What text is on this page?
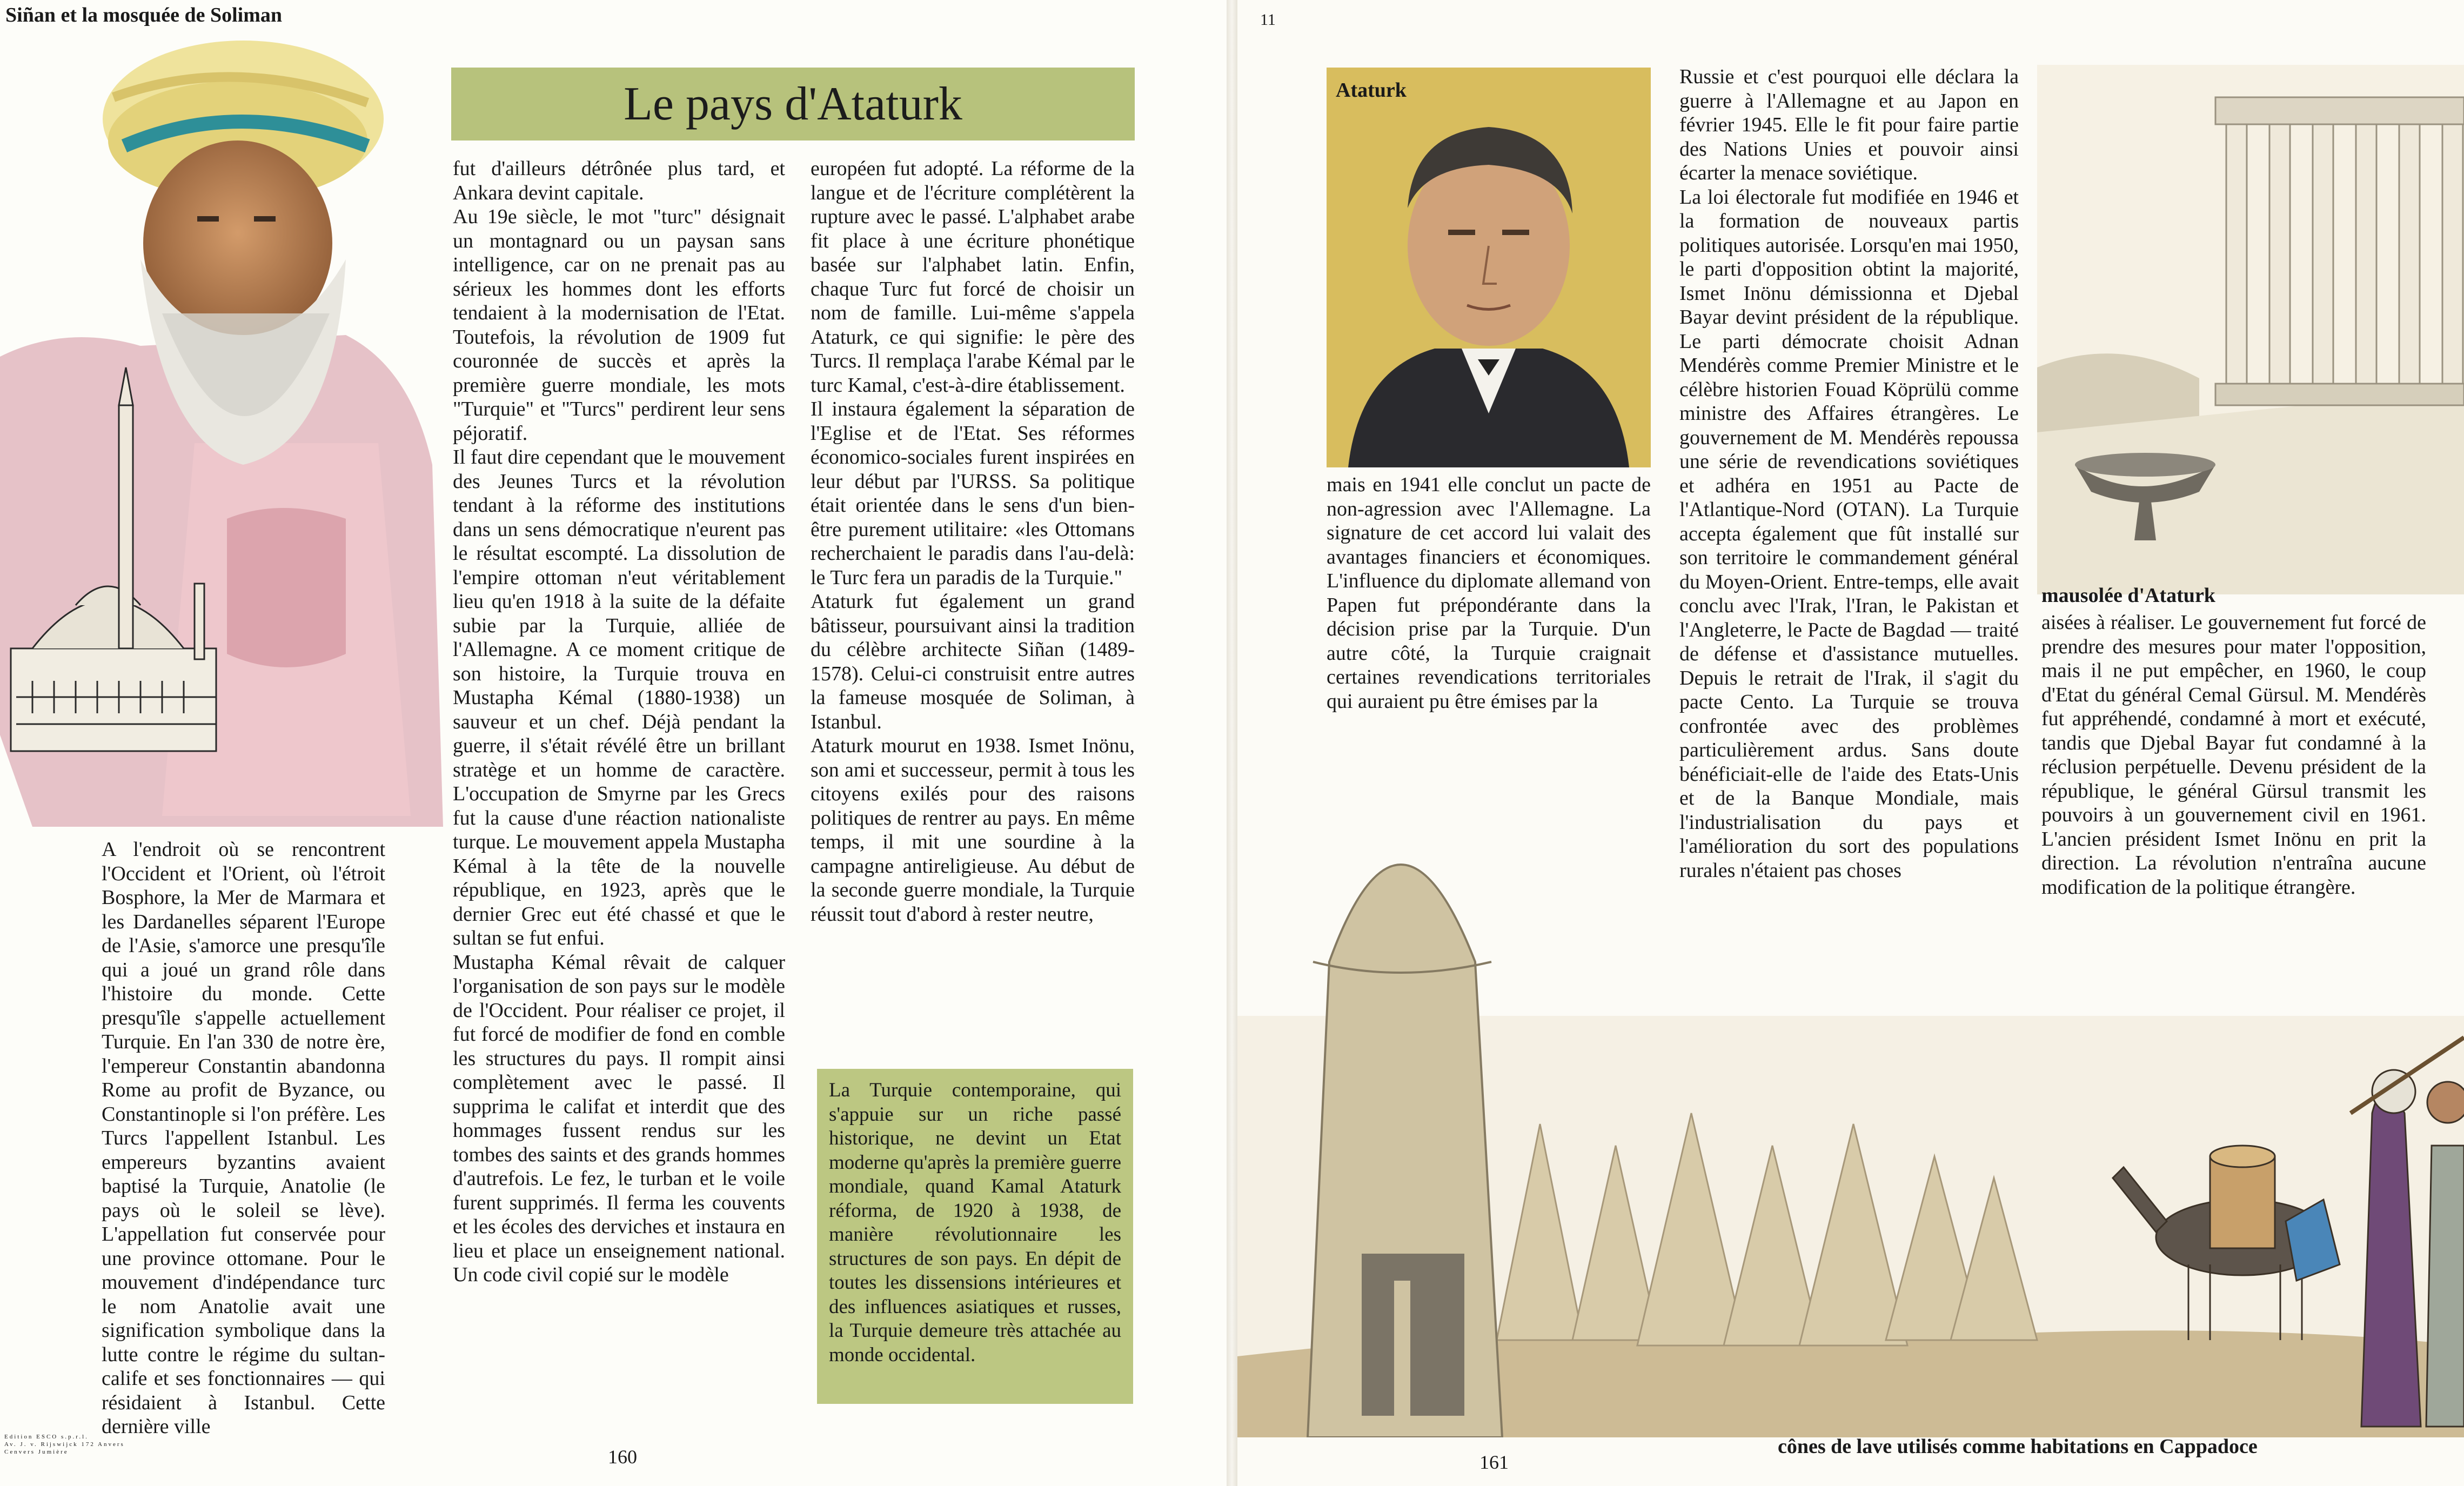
Siñan et la mosquée de Soliman
Le pays d'Ataturk

A l'endroit où se rencontrent l'Occident et l'Orient, où l'étroit Bosphore, la Mer de Marmara et les Dardanelles séparent l'Europe de l'Asie, s'amorce une presqu'île qui a joué un grand rôle dans l'histoire du monde. Cette presqu'île s'appelle actuellement Turquie. En l'an 330 de notre ère, l'empereur Constantin abandonna Rome au profit de Byzance, ou Constantinople si l'on préfère. Les Turcs l'appellent Istanbul. Les empereurs byzantins avaient baptisé la Turquie, Anatolie (le pays où le soleil se lève). L'appellation fut conservée pour une province ottomane. Pour le mouvement d'indépendance turc le nom Anatolie avait une signification symbolique dans la lutte contre le régime du sultan-calife et ses fonctionnaires — qui résidaient à Istanbul. Cette dernière ville

fut d'ailleurs détrônée plus tard, et Ankara devint capitale.

Au 19e siècle, le mot "turc" désignait un montagnard ou un paysan sans intelligence, car on ne prenait pas au sérieux les hommes dont les efforts tendaient à la modernisation de l'Etat. Toutefois, la révolution de 1909 fut couronnée de succès et après la première guerre mondiale, les mots "Turquie" et "Turcs" perdirent leur sens péjoratif.

Il faut dire cependant que le mouvement des Jeunes Turcs et la révolution tendant à la réforme des institutions dans un sens démocratique n'eurent pas le résultat escompté. La dissolution de l'empire ottoman n'eut véritablement lieu qu'en 1918 à la suite de la défaite subie par la Turquie, alliée de l'Allemagne. A ce moment critique de son histoire, la Turquie trouva en Mustapha Kémal (1880-1938) un sauveur et un chef. Déjà pendant la guerre, il s'était révélé être un brillant stratège et un homme de caractère. L'occupation de Smyrne par les Grecs fut la cause d'une réaction nationaliste turque. Le mouvement appela Mustapha Kémal à la tête de la nouvelle république, en 1923, après que le dernier Grec eut été chassé et que le sultan se fut enfui.

Mustapha Kémal rêvait de calquer l'organisation de son pays sur le modèle de l'Occident. Pour réaliser ce projet, il fut forcé de modifier de fond en comble les structures du pays. Il rompit ainsi complètement avec le passé. Il supprima le califat et interdit que des hommages fussent rendus sur les tombes des saints et des grands hommes d'autrefois. Le fez, le turban et le voile furent supprimés. Il ferma les couvents et les écoles des derviches et instaura en lieu et place un enseignement national. Un code civil copié sur le modèle

européen fut adopté. La réforme de la langue et de l'écriture complétèrent la rupture avec le passé. L'alphabet arabe fit place à une écriture phonétique basée sur l'alphabet latin. Enfin, chaque Turc fut forcé de choisir un nom de famille. Lui-même s'appela Ataturk, ce qui signifie: le père des Turcs. Il remplaça l'arabe Kémal par le turc Kamal, c'est-à-dire établissement.

Il instaura également la séparation de l'Eglise et de l'Etat. Ses réformes économico-sociales furent inspirées en leur début par l'URSS. Sa politique était orientée dans le sens d'un bien-être purement utilitaire: «les Ottomans recherchaient le paradis dans l'au-delà: le Turc fera un paradis de la Turquie."

Ataturk fut également un grand bâtisseur, poursuivant ainsi la tradition du célèbre architecte Siñan (1489-1578). Celui-ci construisit entre autres la fameuse mosquée de Soliman, à Istanbul.

Ataturk mourut en 1938. Ismet Inönu, son ami et successeur, permit à tous les citoyens exilés pour des raisons politiques de rentrer au pays. En même temps, il mit une sourdine à la campagne antireligieuse. Au début de la seconde guerre mondiale, la Turquie réussit tout d'abord à rester neutre,

La Turquie contemporaine, qui s'appuie sur un riche passé historique, ne devint un Etat moderne qu'après la première guerre mondiale, quand Kamal Ataturk réforma, de 1920 à 1938, de manière révolutionnaire les structures de son pays. En dépit de toutes les dissensions intérieures et des influences asiatiques et russes, la Turquie demeure très attachée au monde occidental.
Edition ESCO s.p.r.l.
Av. J. v. Rijswijck 172 Anvers
Cenvers Jumière	160
11
Ataturk
mausolée d'Ataturk

mais en 1941 elle conclut un pacte de non-agression avec l'Allemagne. La signature de cet accord lui valait des avantages financiers et économiques. L'influence du diplomate allemand von Papen fut prépondérante dans la décision prise par la Turquie. D'un autre côté, la Turquie craignait certaines revendications territoriales qui auraient pu être émises par la

Russie et c'est pourquoi elle déclara la guerre à l'Allemagne et au Japon en février 1945. Elle le fit pour faire partie des Nations Unies et pouvoir ainsi écarter la menace soviétique.

La loi électorale fut modifiée en 1946 et la formation de nouveaux partis politiques autorisée. Lorsqu'en mai 1950, le parti d'opposition obtint la majorité, Ismet Inönu démissionna et Djebal Bayar devint président de la république. Le parti démocrate choisit Adnan Mendérès comme Premier Ministre et le célèbre historien Fouad Köprülü comme ministre des Affaires étrangères. Le gouvernement de M. Mendérès repoussa une série de revendications soviétiques et adhéra en 1951 au Pacte de l'Atlantique-Nord (OTAN). La Turquie accepta également que fût installé sur son territoire le commandement général du Moyen-Orient. Entre-temps, elle avait conclu avec l'Irak, l'Iran, le Pakistan et l'Angleterre, le Pacte de Bagdad — traité de défense et d'assistance mutuelles. Depuis le retrait de l'Irak, il s'agit du pacte Cento. La Turquie se trouva confrontée avec des problèmes particulièrement ardus. Sans doute bénéficiait-elle de l'aide des Etats-Unis et de la Banque Mondiale, mais l'industrialisation du pays et l'amélioration du sort des populations rurales n'étaient pas choses

aisées à réaliser. Le gouvernement fut forcé de prendre des mesures pour mater l'opposition, mais il ne put empêcher, en 1960, le coup d'Etat du général Cemal Gürsul. M. Mendérès fut appréhendé, condamné à mort et exécuté, tandis que Djebal Bayar fut condamné à la réclusion perpétuelle. Devenu président de la république, le général Gürsul transmit les pouvoirs à un gouvernement civil en 1961. L'ancien président Ismet Inönu en prit la direction. La révolution n'entraîna aucune modification de la politique étrangère.

161
cônes de lave utilisés comme habitations en Cappadoce
